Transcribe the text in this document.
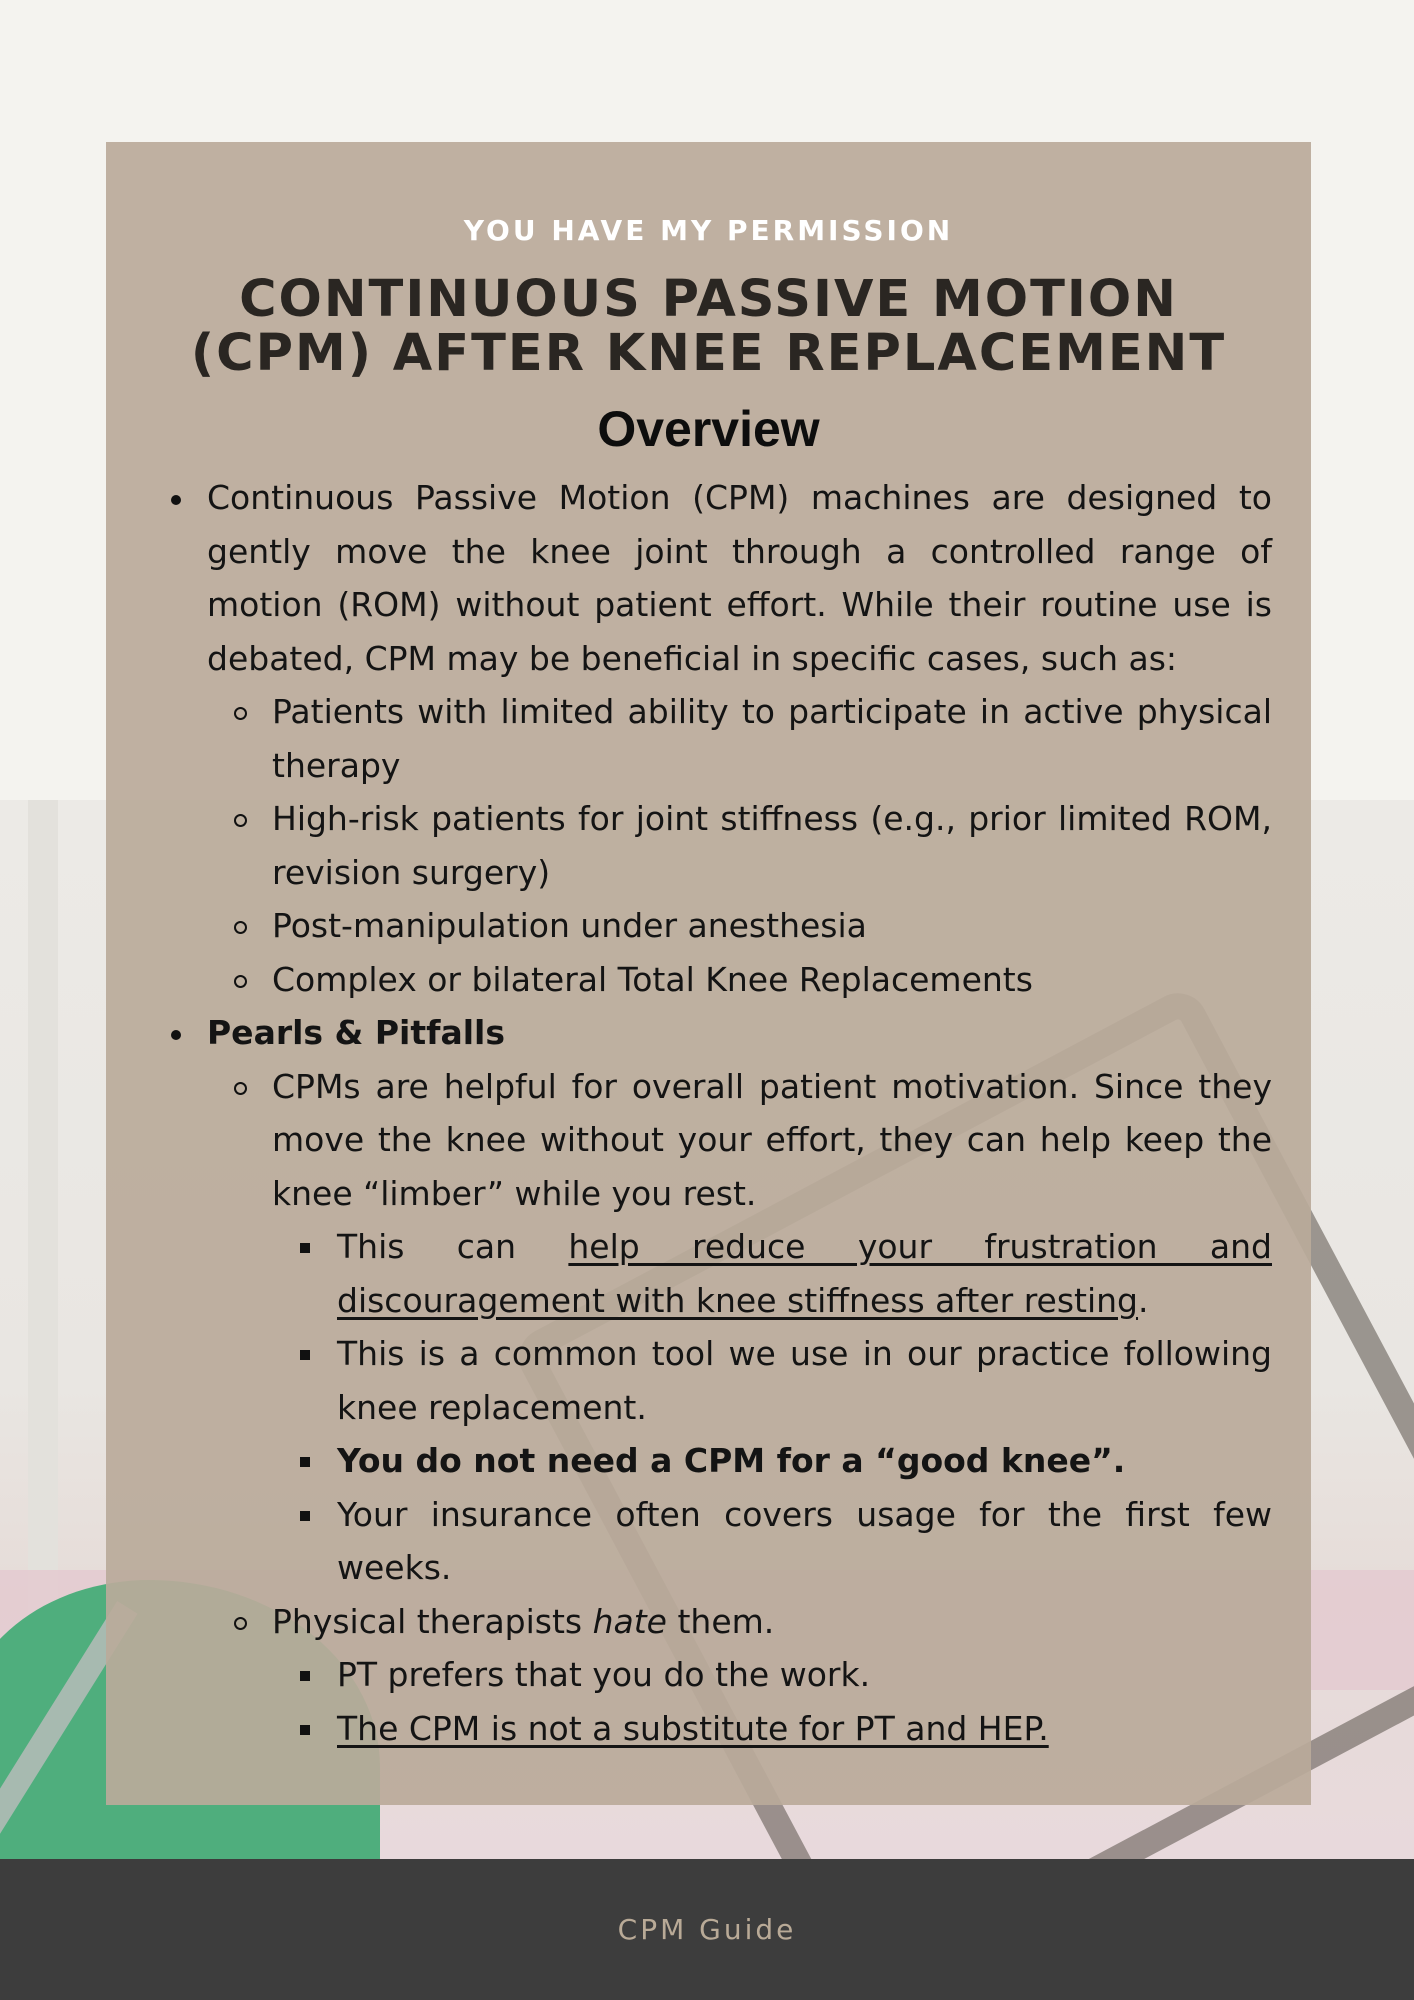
YOU HAVE MY PERMISSION
CONTINUOUS PASSIVE MOTION
(CPM) AFTER KNEE REPLACEMENT
Overview
Continuous Passive Motion (CPM) machines are designed to gently move the knee joint through a controlled range of motion (ROM) without patient effort. While their routine use is debated, CPM may be beneficial in specific cases, such as:
Patients with limited ability to participate in active physical therapy
High-risk patients for joint stiffness (e.g., prior limited ROM, revision surgery)
Post-manipulation under anesthesia
Complex or bilateral Total Knee Replacements
Pearls & Pitfalls
CPMs are helpful for overall patient motivation. Since they move the knee without your effort, they can help keep the knee “limber” while you rest.
This can help reduce your frustration and discouragement with knee stiffness after resting.
This is a common tool we use in our practice following knee replacement.
You do not need a CPM for a “good knee”.
Your insurance often covers usage for the first few weeks.
Physical therapists hate them.
PT prefers that you do the work.
The CPM is not a substitute for PT and HEP.
CPM Guide
